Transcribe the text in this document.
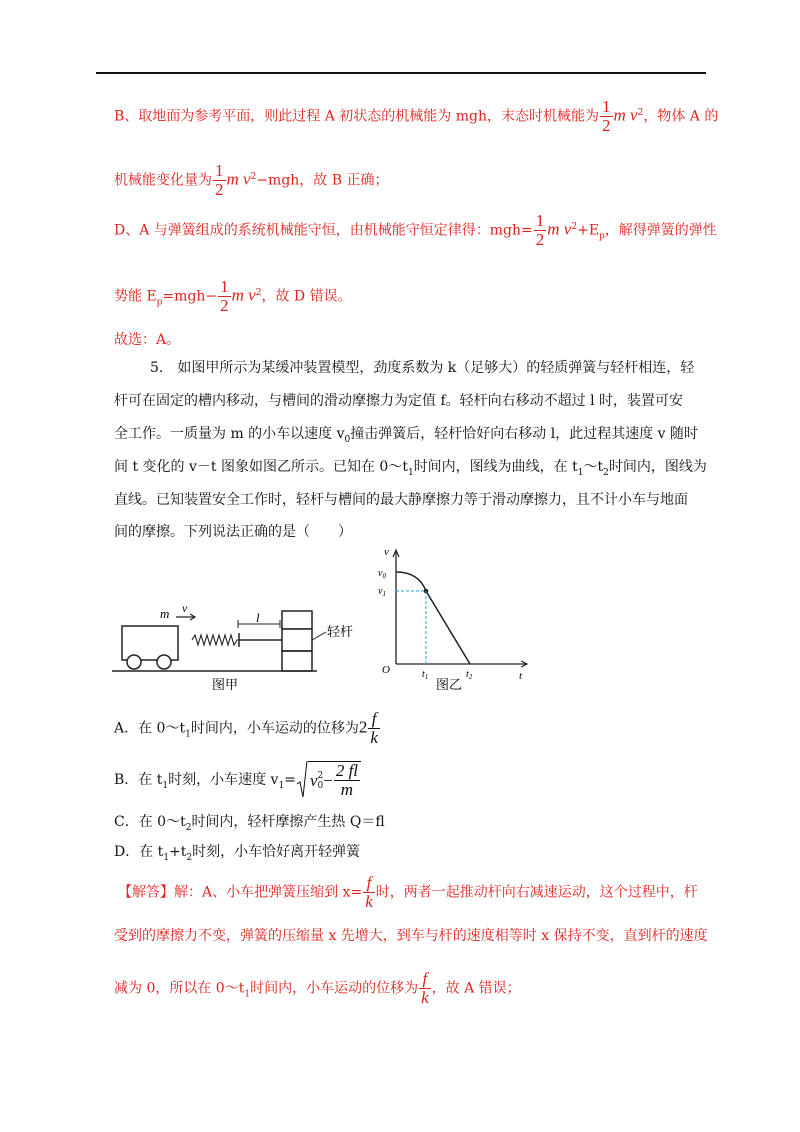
B、取地面为参考平面，则此过程 A 初状态的机械能为 mgh，末态时机械能为 $\frac{1}{2}$ m $v^2$，物体 A 的
机械能变化量为 $\frac{1}{2}$ m $v^2-mgh$，故 B 正确；
D、A 与弹簧组成的系统机械能守恒，由机械能守恒定律得：$mgh= \frac{1}{2}$ m $v^2+E_p$，解得弹簧的弹性
势能 $E_p=mgh- \frac{1}{2}$ m $v^2$，故 D 错误。
故选：A。
5.　如图甲所示为某缓冲装置模型，劲度系数为 k（足够大）的轻质弹簧与轻杆相连，轻
杆可在固定的槽内移动，与槽间的滑动摩擦力为定值 f。轻杆向右移动不超过 l 时，装置可安
全工作。一质量为 m 的小车以速度 $v_0$撞击弹簧后，轻杆恰好向右移动 l，此过程其速度 v 随时
间 t 变化的 v－t 图象如图乙所示。已知在 $0\sim t_1$时间内，图线为曲线，在 $t_1\sim t_2$时间内，图线为
直线。已知装置安全工作时，轻杆与槽间的最大静摩擦力等于滑动摩擦力，且不计小车与地面
间的摩擦。下列说法正确的是（　　）
m v
l
轻杆
图甲
v
t
O
$v_0$
$v_1$
$t_1$	$t_2$
图乙
A．在 $0\sim t_1$时间内，小车运动的位移为$2 \frac{f}{k}$
B．在 $t_1$时刻，小车速度 $v_1= v$ 2
$0 - \frac{2 fl}{m}$
C．在 $0\sim t_2$时间内，轻杆摩擦产生热 Q＝fl
D．在 $t_1+t_2$时刻，小车恰好离开轻弹簧
【解答】解：A、小车把弹簧压缩到 $x= \frac{f}{k}$ 时，两者一起推动杆向右减速运动，这个过程中，杆
受到的摩擦力不变，弹簧的压缩量 x 先增大，到车与杆的速度相等时 x 保持不变，直到杆的速度
减为 0，所以在 $0\sim t_1$时间内，小车运动的位移为 $\frac{f}{k}$ ，故 A 错误；
